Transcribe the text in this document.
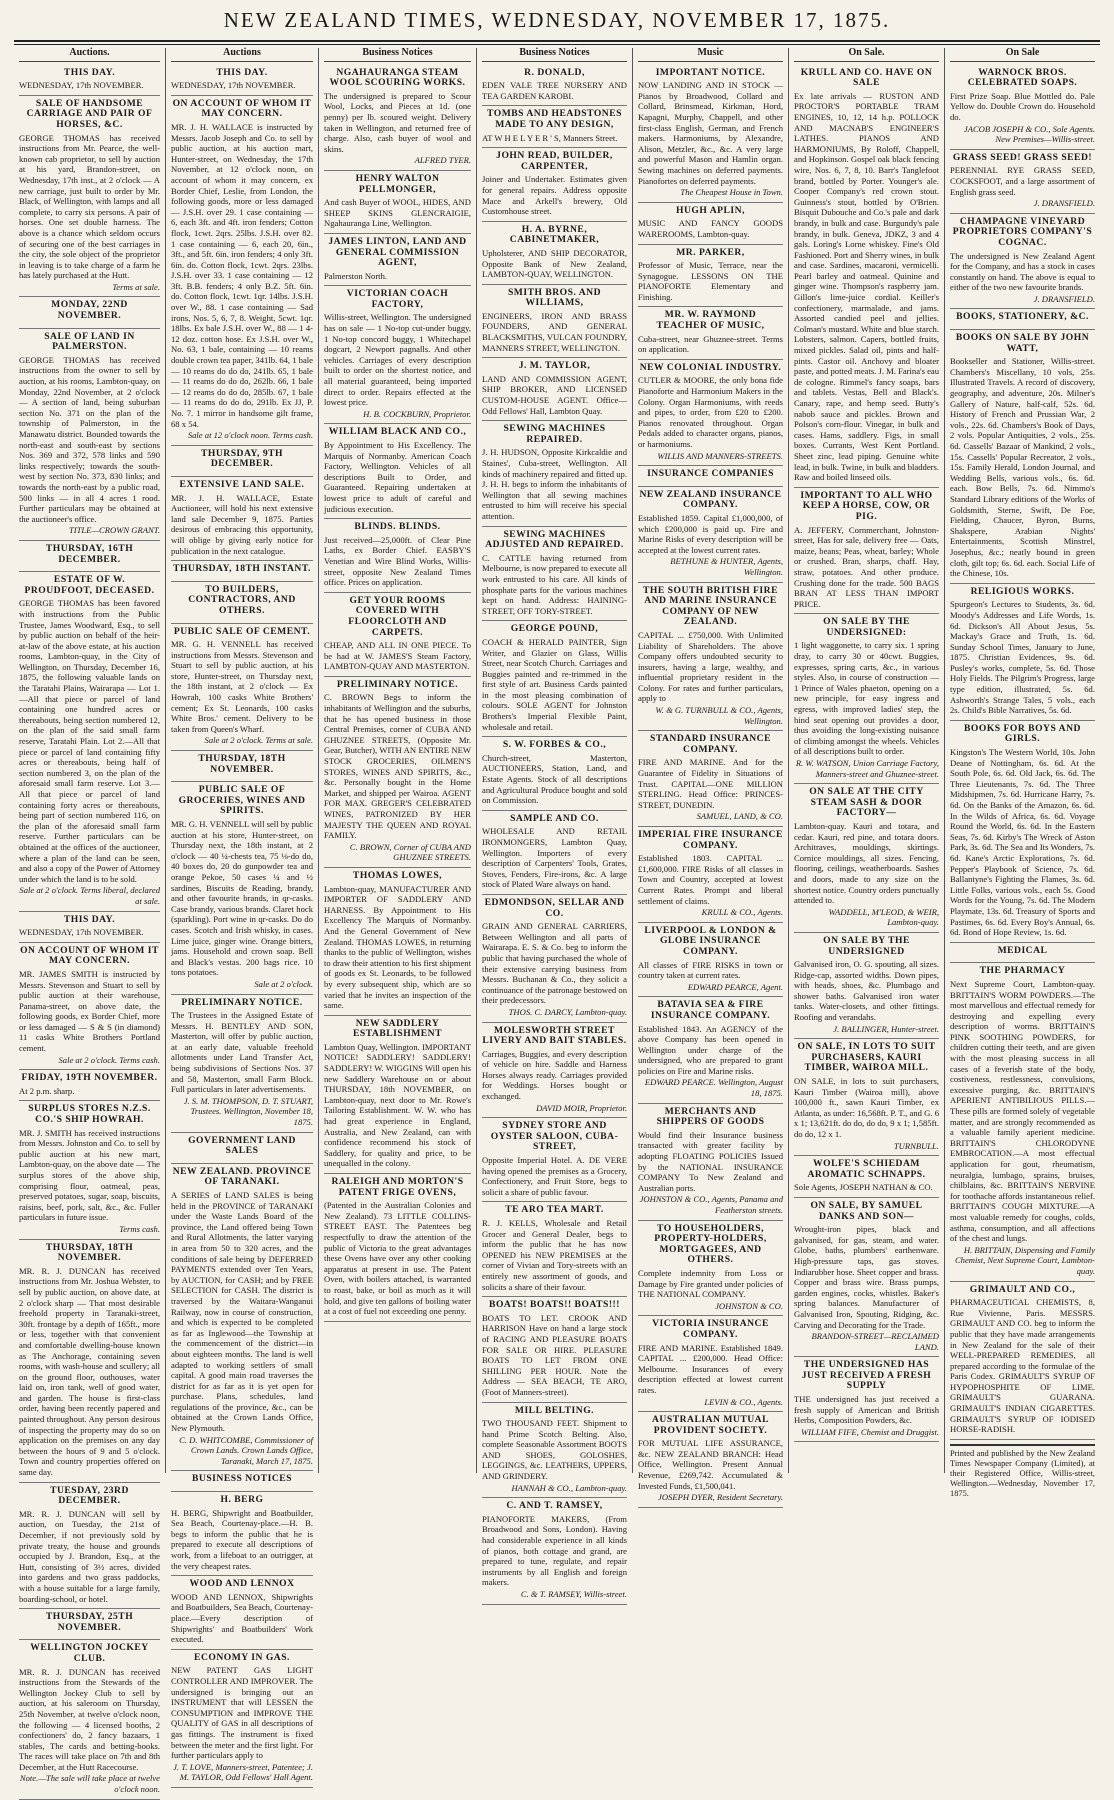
NEW ZEALAND TIMES, WEDNESDAY, NOVEMBER 17, 1875.
Auctions.
THIS DAY.
WEDNESDAY, 17th NOVEMBER.
SALE OF HANDSOME CARRIAGE AND PAIR OF HORSES, &C.
GEORGE THOMAS has received instructions from Mr. Pearce, the well-known cab proprietor, to sell by auction at his yard, Brandon-street, on Wednesday, 17th inst., at 2 o'clock — A new carriage, just built to order by Mr. Black, of Wellington, with lamps and all complete, to carry six persons. A pair of horses. One set double harness. The above is a chance which seldom occurs of securing one of the best carriages in the city, the sole object of the proprietor in leaving is to take charge of a farm he has lately purchased at the Hutt.
Terms at sale.
MONDAY, 22ND NOVEMBER.
SALE OF LAND IN PALMERSTON.
GEORGE THOMAS has received instructions from the owner to sell by auction, at his rooms, Lambton-quay, on Monday, 22nd November, at 2 o'clock — A section of land, being suburban section No. 371 on the plan of the township of Palmerston, in the Manawatu district. Bounded towards the north-east and south-east by sections Nos. 369 and 372, 578 links and 590 links respectively; towards the south-west by section No. 373, 830 links; and towards the north-east by a public road, 500 links — in all 4 acres 1 rood. Further particulars may be obtained at the auctioneer's office.
TITLE—CROWN GRANT.
THURSDAY, 16TH DECEMBER.
ESTATE OF W. PROUDFOOT, DECEASED.
GEORGE THOMAS has been favored with instructions from the Public Trustee, James Woodward, Esq., to sell by public auction on behalf of the heir-at-law of the above estate, at his auction rooms, Lambton-quay, in the City of Wellington, on Thursday, December 16, 1875, the following valuable lands on the Taratahi Plains, Wairarapa — Lot 1.—All that piece or parcel of land containing one hundred acres or thereabouts, being section numbered 12, on the plan of the said small farm reserve, Taratahi Plain. Lot 2.—All that piece or parcel of land containing fifty acres or thereabouts, being half of section numbered 3, on the plan of the aforesaid small farm reserve. Lot 3.—All that piece or parcel of land containing forty acres or thereabouts, being part of section numbered 116, on the plan of the aforesaid small farm reserve. Further particulars can be obtained at the offices of the auctioneer, where a plan of the land can be seen, and also a copy of the Power of Attorney under which the land is to be sold.
Sale at 2 o'clock. Terms liberal, declared at sale.
THIS DAY.
WEDNESDAY, 17th NOVEMBER.
ON ACCOUNT OF WHOM IT MAY CONCERN.
MR. JAMES SMITH is instructed by Messrs. Stevenson and Stuart to sell by public auction at their warehouse, Panama-street, on above date, the following goods, ex Border Chief, more or less damaged — S & S (in diamond) 11 casks White Brothers Portland cement.
Sale at 2 o'clock. Terms cash.
FRIDAY, 19TH NOVEMBER.
At 2 p.m. sharp.
SURPLUS STORES N.Z.S. CO.'S SHIP HOWRAH.
MR. J. SMITH has received instructions from Messrs. Johnston and Co. to sell by public auction at his new mart, Lambton-quay, on the above date — The surplus stores of the above ship, comprising flour, oatmeal, peas, preserved potatoes, sugar, soap, biscuits, raisins, beef, pork, salt, &c., &c. Fuller particulars in future issue.
Terms cash.
THURSDAY, 18TH NOVEMBER.
MR. R. J. DUNCAN has received instructions from Mr. Joshua Webster, to sell by public auction, on above date, at 2 o'clock sharp — That most desirable freehold property in Taranaki-street, 30ft. frontage by a depth of 165ft., more or less, together with that convenient and comfortable dwelling-house known as The Anchorage, containing seven rooms, with wash-house and scullery; all on the ground floor, outhouses, water laid on, iron tank, well of good water, and garden. The house is first-class order, having been recently papered and painted throughout. Any person desirous of inspecting the property may do so on application on the premises on any day between the hours of 9 and 5 o'clock. Town and country properties offered on same day.
TUESDAY, 23RD DECEMBER.
MR. R. J. DUNCAN will sell by auction, on Tuesday, the 21st of December, if not previously sold by private treaty, the house and grounds occupied by J. Brandon, Esq., at the Hutt, consisting of 3½ acres, divided into gardens and two grass paddocks, with a house suitable for a large family, boarding-school, or hotel.
THURSDAY, 25TH NOVEMBER.
WELLINGTON JOCKEY CLUB.
MR. R. J. DUNCAN has received instructions from the Stewards of the Wellington Jockey Club to sell by auction, at his saleroom on Thursday, 25th November, at twelve o'clock noon, the following — 4 licensed booths, 2 confectioners' do, 2 fancy bazaars, 1 stables, The cards and betting-books. The races will take place on 7th and 8th December, at the Hutt Racecourse.
Note.—The sale will take place at twelve o'clock noon.
Auctions
THIS DAY.
WEDNESDAY, 17th NOVEMBER.
ON ACCOUNT OF WHOM IT MAY CONCERN.
MR. J. H. WALLACE is instructed by Messrs. Jacob Joseph and Co. to sell by public auction, at his auction mart, Hunter-street, on Wednesday, the 17th November, at 12 o'clock noon, on account of whom it may concern, ex Border Chief, Leslie, from London, the following goods, more or less damaged — J.S.H. over 29. 1 case containing — 6, each 3ft. and 4ft. iron fenders; Cotton flock, 1cwt. 2qrs. 25lbs. J.S.H. over 82. 1 case containing — 6, each 20, 6in., 3ft., and 5ft. 6in. iron fenders; 4 only 3ft. 6in. do. Cotton flock, 1cwt. 2qrs. 23lbs. J.S.H. over 33. 1 case containing — 12 3ft. B.B. fenders; 4 only B.Z. 5ft. 6in. do. Cotton flock, 1cwt. 1qr. 14lbs. J.S.H. over W., 88. 1 case containing — Sad irons, Nos. 5, 6, 7, 8. Weight, 5cwt. 1qr. 18lbs. Ex bale J.S.H. over W., 88 — 1 4-12 doz. cotton hose. Ex J.S.H. over W., No. 63, 1 bale, containing — 10 reams double crown tea paper, 341lb. 64, 1 bale — 10 reams do do do, 241lb. 65, 1 bale — 11 reams do do do, 262lb. 66, 1 bale — 12 reams do do do, 285lb. 67, 1 bale — 11 reams do do do, 291lb. Ex JJ, P. No. 7. 1 mirror in handsome gilt frame, 68 x 54.
Sale at 12 o'clock noon. Terms cash.
THURSDAY, 9TH DECEMBER.
EXTENSIVE LAND SALE.
MR. J. H. WALLACE, Estate Auctioneer, will hold his next extensive land sale December 9, 1875. Parties desirous of embracing this opportunity, will oblige by giving early notice for publication in the next catalogue.
THURSDAY, 18TH INSTANT.
TO BUILDERS, CONTRACTORS, AND OTHERS.
PUBLIC SALE OF CEMENT.
MR. G. H. VENNELL has received instructions from Messrs. Stevenson and Stuart to sell by public auction, at his store, Hunter-street, on Thursday next, the 18th instant, at 2 o'clock — Ex Howrah, 100 casks White Brothers' cement; Ex St. Leonards, 100 casks White Bros.' cement. Delivery to be taken from Queen's Wharf.
Sale at 2 o'clock. Terms at sale.
THURSDAY, 18TH NOVEMBER.
PUBLIC SALE OF GROCERIES, WINES AND SPIRITS.
MR. G. H. VENNELL will sell by public auction at his store, Hunter-street, on Thursday next, the 18th instant, at 2 o'clock — 40 ¼-chests tea, 75 ⅛-do do, 40 boxes do, 20 do gunpowder tea and orange Pekoe, 50 cases ¼ and ½ sardines, Biscuits de Reading, brandy, and other favourite brands, in qr-casks. Case brandy, various brands. Claret hock (sparkling). Port wine in qr-casks. Do do cases. Scotch and Irish whisky, in cases. Lime juice, ginger wine. Orange bitters, jams. Household and crown soap. Bell and Black's vestas. 200 bags rice. 10 tons potatoes.
Sale at 2 o'clock.
PRELIMINARY NOTICE.
The Trustees in the Assigned Estate of Messrs. H. BENTLEY AND SON, Masterton, will offer by public auction, at an early date, valuable freehold allotments under Land Transfer Act, being subdivisions of Sections Nos. 37 and 58, Masterton, small Farm Block. Full particulars in later advertisements.
J. S. M. THOMPSON, D. T. STUART, Trustees. Wellington, November 18, 1875.
GOVERNMENT LAND SALES
NEW ZEALAND. PROVINCE OF TARANAKI.
A SERIES of LAND SALES is being held in the PROVINCE of TARANAKI under the Waste Lands Board of the province, the Land offered being Town and Rural Allotments, the latter varying in area from 50 to 320 acres, and the conditions of sale being by DEFERRED PAYMENTS extended over Ten Years, by AUCTION, for CASH; and by FREE SELECTION for CASH. The district is traversed by the Waitara-Wanganui Railway, now in course of construction, and which is expected to be completed as far as Inglewood—the Township at the commencement of the district—in about eighteen months. The land is well adapted to working settlers of small capital. A good main road traverses the district for as far as it is yet open for purchase. Plans, schedules, land regulations of the province, &c., can be obtained at the Crown Lands Office, New Plymouth.
C. D. WHITCOMBE, Commissioner of Crown Lands. Crown Lands Office, Taranaki, March 17, 1875.
BUSINESS NOTICES
H. BERG
H. BERG, Shipwright and Boatbuilder, Sea Beach, Courtenay-place.—H. B. begs to inform the public that he is prepared to execute all descriptions of work, from a lifeboat to an outrigger, at the very cheapest rates.
WOOD AND LENNOX
WOOD AND LENNOX, Shipwrights and Boatbuilders, Sea Beach, Courtenay-place.—Every description of Shipwrights' and Boatbuilders' Work executed.
ECONOMY IN GAS.
NEW PATENT GAS LIGHT CONTROLLER AND IMPROVER. The undersigned is bringing out an INSTRUMENT that will LESSEN the CONSUMPTION and IMPROVE THE QUALITY of GAS in all descriptions of gas fittings. The instrument is fixed between the meter and the first light. For further particulars apply to
J. T. LOVE, Manners-street, Patentee; J. M. TAYLOR, Odd Fellows' Hall Agent.
Business Notices
NGAHAURANGA STEAM WOOL SCOURING WORKS.
The undersigned is prepared to Scour Wool, Locks, and Pieces at 1d. (one penny) per lb. scoured weight. Delivery taken in Wellington, and returned free of charge. Also, cash buyer of wool and skins.
ALFRED TYER.
HENRY WALTON PELLMONGER,
And cash Buyer of WOOL, HIDES, AND SHEEP SKINS GLENCRAIGIE, Ngahauranga Line, Wellington.
JAMES LINTON, LAND AND GENERAL COMMISSION AGENT,
Palmerston North.
VICTORIAN COACH FACTORY,
Willis-street, Wellington. The undersigned has on sale — 1 No-top cut-under buggy, 1 No-top concord buggy, 1 Whitechapel dogcart, 2 Newport pagnalls. And other vehicles. Carriages of every description built to order on the shortest notice, and all material guaranteed, being imported direct to order. Repairs effected at the lowest price.
H. B. COCKBURN, Proprietor.
WILLIAM BLACK AND CO.,
By Appointment to His Excellency. The Marquis of Normanby. American Coach Factory, Wellington. Vehicles of all descriptions Built to Order, and Guaranteed. Repairing undertaken at lowest price to adult of careful and judicious execution.
BLINDS. BLINDS.
Just received—25,000ft. of Clear Pine Laths, ex Border Chief. EASBY'S Venetian and Wire Blind Works, Willis-street, opposite New Zealand Times office. Prices on application.
GET YOUR ROOMS COVERED WITH FLOORCLOTH AND CARPETS.
CHEAP, AND ALL IN ONE PIECE. To be had at W. JAMES'S Steam Factory, LAMBTON-QUAY AND MASTERTON.
PRELIMINARY NOTICE.
C. BROWN Begs to inform the inhabitants of Wellington and the suburbs, that he has opened business in those Central Premises, corner of CUBA AND GHUZNEE STREETS, (Opposite Mr. Gear, Butcher), WITH AN ENTIRE NEW STOCK GROCERIES, OILMEN'S STORES, WINES AND SPIRITS, &c., &c. Personally bought in the Home Market, and shipped per Wairoa. AGENT FOR MAX. GREGER'S CELEBRATED WINES, PATRONIZED BY HER MAJESTY THE QUEEN AND ROYAL FAMILY.
C. BROWN, Corner of CUBA AND GHUZNEE STREETS.
THOMAS LOWES,
Lambton-quay, MANUFACTURER AND IMPORTER OF SADDLERY AND HARNESS. By Appointment to His Excellency The Marquis of Normanby. And the General Government of New Zealand. THOMAS LOWES, in returning thanks to the public of Wellington, wishes to draw their attention to his first shipment of goods ex St. Leonards, to be followed by every subsequent ship, which are so varied that he invites an inspection of the same.
NEW SADDLERY ESTABLISHMENT
Lambton Quay, Wellington. IMPORTANT NOTICE! SADDLERY! SADDLERY! SADDLERY! W. WIGGINS Will open his new Saddlery Warehouse on or about THURSDAY, 18th NOVEMBER, on Lambton-quay, next door to Mr. Rowe's Tailoring Establishment. W. W. who has had great experience in England, Australia, and New Zealand, can with confidence recommend his stock of Saddlery, for quality and price, to be unequalled in the colony.
RALEIGH AND MORTON'S PATENT FRIGE OVENS,
(Patented in the Australian Colonies and New Zealand). 73 LITTLE COLLINS-STREET EAST. The Patentees beg respectfully to draw the attention of the public of Victoria to the great advantages these Ovens have over any other cooking apparatus at present in use. The Patent Oven, with boilers attached, is warranted to roast, bake, or boil as much as it will hold, and give ten gallons of boiling water at a cost of fuel not exceeding one penny.
Business Notices
R. DONALD,
EDEN VALE TREE NURSERY AND TEA GARDEN KAROBI.
TOMBS AND HEADSTONES MADE TO ANY DESIGN,
AT W H E L Y E R ' S, Manners Street.
JOHN READ, BUILDER, CARPENTER,
Joiner and Undertaker. Estimates given for general repairs. Address opposite Mace and Arkell's brewery, Old Customhouse street.
H. A. BYRNE, CABINETMAKER,
Upholsterer, AND SHIP DECORATOR, Opposite Bank of New Zealand, LAMBTON-QUAY, WELLINGTON.
SMITH BROS. AND WILLIAMS,
ENGINEERS, IRON AND BRASS FOUNDERS, AND GENERAL BLACKSMITHS, VULCAN FOUNDRY, MANNERS STREET, WELLINGTON.
J. M. TAYLOR,
LAND AND COMMISSION AGENT, SHIP BROKER, AND LICENSED CUSTOM-HOUSE AGENT. Office—Odd Fellows' Hall, Lambton Quay.
SEWING MACHINES REPAIRED.
J. H. HUDSON, Opposite Kirkcaldie and Staines', Cuba-street, Wellington. All kinds of machinery repaired and fitted up. J. H. H. begs to inform the inhabitants of Wellington that all sewing machines entrusted to him will receive his special attention.
SEWING MACHINES ADJUSTED AND REPAIRED.
C. CATTLE having returned from Melbourne, is now prepared to execute all work entrusted to his care. All kinds of phosphate parts for the various machines kept on hand. Address: HAINING-STREET, OFF TORY-STREET.
GEORGE POUND,
COACH & HERALD PAINTER, Sign Writer, and Glazier on Glass, Willis Street, near Scotch Church. Carriages and Buggies painted and re-trimmed in the first style of art. Business Cards painted in the most pleasing combination of colours. SOLE AGENT for Johnston Brothers's Imperial Flexible Paint, wholesale and retail.
S. W. FORBES & CO.,
Church-street, Masterton, AUCTIONEERS, Station, Land, and Estate Agents. Stock of all descriptions and Agricultural Produce bought and sold on Commission.
SAMPLE AND CO.
WHOLESALE AND RETAIL IRONMONGERS, Lambton Quay, Wellington. Importers of every description of Carpenters' Tools, Grates, Stoves, Fenders, Fire-irons, &c. A large stock of Plated Ware always on hand.
EDMONDSON, SELLAR AND CO.
GRAIN AND GENERAL CARRIERS, Between Wellington and all parts of Wairarapa. E. S. & Co. beg to inform the public that having purchased the whole of their extensive carrying business from Messrs. Buchanan & Co., they solicit a continuance of the patronage bestowed on their predecessors.
THOS. C. DARCY, Lambton-quay.
MOLESWORTH STREET LIVERY AND BAIT STABLES.
Carriages, Buggies, and every description of vehicle on hire. Saddle and Harness Horses always ready. Carriages provided for Weddings. Horses bought or exchanged.
DAVID MOIR, Proprietor.
SYDNEY STORE AND OYSTER SALOON, CUBA-STREET,
Opposite Imperial Hotel. A. DE VERE having opened the premises as a Grocery, Confectionery, and Fruit Store, begs to solicit a share of public favour.
TE ARO TEA MART.
R. J. KELLS, Wholesale and Retail Grocer and General Dealer, begs to inform the public that he has now OPENED his NEW PREMISES at the corner of Vivian and Tory-streets with an entirely new assortment of goods, and solicits a share of their favour.
BOATS! BOATS!! BOATS!!!
BOATS TO LET. CROOK AND HARRISON Have on hand a large stock of RACING AND PLEASURE BOATS FOR SALE OR HIRE. PLEASURE BOATS TO LET FROM ONE SHILLING PER HOUR. Note the Address — SEA BEACH, TE ARO, (Foot of Manners-street).
MILL BELTING.
TWO THOUSAND FEET. Shipment to hand Prime Scotch Belting. Also, complete Seasonable Assortment BOOTS AND SHOES, GOLOSHES, LEGGINGS, &c. LEATHERS, UPPERS, AND GRINDERY.
HANNAH & CO., Lambton-quay.
C. AND T. RAMSEY,
PIANOFORTE MAKERS, (From Broadwood and Sons, London). Having had considerable experience in all kinds of pianos, both cottage and grand, are prepared to tune, regulate, and repair instruments by all English and foreign makers.
C. & T. RAMSEY, Willis-street.
Music
IMPORTANT NOTICE.
NOW LANDING AND IN STOCK — Pianos by Broadwood, Collard and Collard, Brinsmead, Kirkman, Hord, Kapagni, Murphy, Chappell, and other first-class English, German, and French makers. Harmoniums, by Alexandre, Alison, Metzler, &c., &c. A very large and powerful Mason and Hamlin organ. Sewing machines on deferred payments. Pianofortes on deferred payments.
The Cheapest House in Town.
HUGH APLIN,
MUSIC AND FANCY GOODS WAREROOMS, Lambton-quay.
MR. PARKER,
Professor of Music, Terrace, near the Synagogue. LESSONS ON THE PIANOFORTE Elementary and Finishing.
MR. W. RAYMOND TEACHER OF MUSIC,
Cuba-street, near Ghuznee-street. Terms on application.
NEW COLONIAL INDUSTRY.
CUTLER & MOORE, the only bona fide Pianoforte and Harmonium Makers in the Colony. Organ Harmoniums, with reeds and pipes, to order, from £20 to £200. Pianos renovated throughout. Organ Pedals added to character organs, pianos, or harmoniums.
WILLIS AND MANNERS-STREETS.
INSURANCE COMPANIES
NEW ZEALAND INSURANCE COMPANY.
Established 1859. Capital £1,000,000, of which £200,000 is paid up. Fire and Marine Risks of every description will be accepted at the lowest current rates.
BETHUNE & HUNTER, Agents, Wellington.
THE SOUTH BRITISH FIRE AND MARINE INSURANCE COMPANY OF NEW ZEALAND.
CAPITAL ... £750,000. With Unlimited Liability of Shareholders. The above Company offers undoubted security to insurers, having a large, wealthy, and influential proprietary resident in the Colony. For rates and further particulars, apply to
W. & G. TURNBULL & CO., Agents, Wellington.
STANDARD INSURANCE COMPANY.
FIRE AND MARINE. And for the Guarantee of Fidelity in Situations of Trust. CAPITAL—ONE MILLION STERLING. Head Office: PRINCES-STREET, DUNEDIN.
SAMUEL, LAND, & CO.
IMPERIAL FIRE INSURANCE COMPANY.
Established 1803. CAPITAL ... £1,600,000. FIRE Risks of all classes in Town and Country, accepted at lowest Current Rates. Prompt and liberal settlement of claims.
KRULL & CO., Agents.
LIVERPOOL & LONDON & GLOBE INSURANCE COMPANY.
All classes of FIRE RISKS in town or country taken at current rates.
EDWARD PEARCE, Agent.
BATAVIA SEA & FIRE INSURANCE COMPANY.
Established 1843. An AGENCY of the above Company has been opened in Wellington under charge of the undersigned, who are prepared to grant policies on Fire and Marine risks.
EDWARD PEARCE. Wellington, August 18, 1875.
MERCHANTS AND SHIPPERS OF GOODS
Would find their Insurance business transacted with greater facility by adopting FLOATING POLICIES Issued by the NATIONAL INSURANCE COMPANY To New Zealand and Australian ports.
JOHNSTON & CO., Agents, Panama and Featherston streets.
TO HOUSEHOLDERS, PROPERTY-HOLDERS, MORTGAGEES, AND OTHERS.
Complete indemnity from Loss or Damage by Fire granted under policies of THE NATIONAL COMPANY.
JOHNSTON & CO.
VICTORIA INSURANCE COMPANY.
FIRE AND MARINE. Established 1849. CAPITAL ... £200,000. Head Office: Melbourne. Insurances of every description effected at lowest current rates.
LEVIN & CO., Agents.
AUSTRALIAN MUTUAL PROVIDENT SOCIETY.
FOR MUTUAL LIFE ASSURANCE, &c. NEW ZEALAND BRANCH: Head Office, Wellington. Present Annual Revenue, £269,742. Accumulated & Invested Funds, £1,500,041.
JOSEPH DYER, Resident Secretary.
On Sale.
KRULL AND CO. HAVE ON SALE
Ex late arrivals — RUSTON AND PROCTOR'S PORTABLE TRAM ENGINES, 10, 12, 14 h.p. POLLOCK AND MACNAB'S ENGINEER'S LATHES. PIANOS AND HARMONIUMS, By Roloff, Chappell, and Hopkinson. Gospel oak black fencing wire, Nos. 6, 7, 8, 10. Barr's Tanglefoot brand, bottled by Porter. Younger's ale. Cooper Company's red crown stout. Guinness's stout, bottled by O'Brien. Bisquit Dubouche and Co.'s pale and dark brandy, in bulk and case. Burgundy's pale brandy, in bulk. Geneva, JDKZ, 3 and 4 gals. Loring's Lorne whiskey. Fine's Old Fashioned. Port and Sherry wines, in bulk and case. Sardines, macaroni, vermicelli. Pearl barley and oatmeal. Quinine and ginger wine. Thompson's raspberry jam. Gillon's lime-juice cordial. Keiller's confectionery, marmalade, and jams. Assorted candied peel and jellies. Colman's mustard. White and blue starch. Lobsters, salmon. Capers, bottled fruits, mixed pickles. Salad oil, pints and half-pints. Castor oil. Anchovy and bloater paste, and potted meats. J. M. Farina's eau de cologne. Rimmel's fancy soaps, bars and tablets. Vestas, Bell and Black's. Canary, rape, and hemp seed. Butty's nabob sauce and pickles. Brown and Polson's corn-flour. Vinegar, in bulk and cases. Hams, saddlery. Figs, in small boxes. Currants, West Kent Portland. Sheet zinc, lead piping. Genuine white lead, in bulk. Twine, in bulk and bladders. Raw and boiled linseed oils.
IMPORTANT TO ALL WHO KEEP A HORSE, COW, OR PIG.
A. JEFFERY, Cornmerchant, Johnston-street, Has for sale, delivery free — Oats, maize, beans; Peas, wheat, barley; Whole or crushed. Bran, sharps, chaff. Hay, straw, potatoes. And other produce. Crushing done for the trade. 500 BAGS BRAN AT LESS THAN IMPORT PRICE.
ON SALE BY THE UNDERSIGNED:
1 light waggonette, to carry six. 1 spring dray, to carry 30 or 40cwt. Buggies, expresses, spring carts, &c., in various styles. Also, in course of construction — 1 Prince of Wales phaeton, opening on a new principle, for easy ingress and egress, with improved ladies' step, the hind seat opening out provides a door, thus avoiding the long-existing nuisance of climbing amongst the wheels. Vehicles of all descriptions built to order.
R. W. WATSON, Union Carriage Factory, Manners-street and Ghuznee-street.
ON SALE AT THE CITY STEAM SASH & DOOR FACTORY—
Lambton-quay. Kauri and totara, and cedar. Kauri, red pine, and totara doors. Architraves, mouldings, skirtings. Cornice mouldings, all sizes. Fencing, flooring, ceilings, weatherboards. Sashes and doors, made to any size on the shortest notice. Country orders punctually attended to.
WADDELL, M'LEOD, & WEIR, Lambton-quay.
ON SALE BY THE UNDERSIGNED
Galvanised iron, O. G. spouting, all sizes. Ridge-cap, assorted widths. Down pipes, with heads, shoes, &c. Plumbago and shower baths. Galvanised iron water tanks. Water-closets, and other fittings. Roofing and verandahs.
J. BALLINGER, Hunter-street.
ON SALE, IN LOTS TO SUIT PURCHASERS, KAURI TIMBER, WAIROA MILL.
ON SALE, in lots to suit purchasers, Kauri Timber (Wairoa mill), above 100,000 ft., sawn Kauri Timber, ex Atlanta, as under: 16,568ft. P. T., and G. 6 x 1; 13,621ft. do do, do do, 9 x 1; 1,585ft. do do, 12 x 1.
TURNBULL.
WOLFE'S SCHIEDAM AROMATIC SCHNAPPS.
Sole Agents, JOSEPH NATHAN & CO.
ON SALE, BY SAMUEL DANKS AND SON—
Wrought-iron pipes, black and galvanised, for gas, steam, and water. Globe, baths, plumbers' earthenware. High-pressure taps, gas stoves. Indiarubber hose. Sheet copper and brass. Copper and brass wire. Brass pumps, garden engines, cocks, whistles. Baker's spring balances. Manufacturer of Galvanised Iron, Spouting, Ridging, &c. Carving and Decorating for the Trade.
BRANDON-STREET—RECLAIMED LAND.
THE UNDERSIGNED HAS JUST RECEIVED A FRESH SUPPLY
THE undersigned has just received a fresh supply of American and British Herbs, Composition Powders, &c.
WILLIAM FIFE, Chemist and Druggist.
On Sale
WARNOCK BROS. CELEBRATED SOAPS.
First Prize Soap. Blue Mottled do. Pale Yellow do. Double Crown do. Household do.
JACOB JOSEPH & CO., Sole Agents. New Premises—Willis-street.
GRASS SEED! GRASS SEED!
PERENNIAL RYE GRASS SEED, COCKSFOOT, and a large assortment of English grass seed.
J. DRANSFIELD.
CHAMPAGNE VINEYARD PROPRIETORS COMPANY'S COGNAC.
The undersigned is New Zealand Agent for the Company, and has a stock in cases constantly on hand. The above is equal to either of the two new favourite brands.
J. DRANSFIELD.
BOOKS, STATIONERY, &C.
BOOKS ON SALE BY JOHN WATT,
Bookseller and Stationer, Willis-street. Chambers's Miscellany, 10 vols, 25s. Illustrated Travels. A record of discovery, geography, and adventure, 20s. Milner's Gallery of Nature, half-calf, 52s. 6d. History of French and Prussian War, 2 vols., 22s. 6d. Chambers's Book of Days, 2 vols. Popular Antiquities, 2 vols., 25s. 6d. Cassells' Bazaar of Mankind, 2 vols., 15s. Cassells' Popular Recreator, 2 vols., 15s. Family Herald, London Journal, and Wedding Bells, various vols., 6s. 6d. each. Bow Bells, 7s. 6d. Nimmo's Standard Library editions of the Works of Goldsmith, Sterne, Swift, De Foe, Fielding, Chaucer, Byron, Burns, Shakspere, Arabian Nights' Entertainments, Scottish Minstrel, Josephus, &c.; neatly bound in green cloth, gilt top; 6s. 6d. each. Social Life of the Chinese, 10s.
RELIGIOUS WORKS.
Spurgeon's Lectures to Students, 3s. 6d. Moody's Addresses and Life Words, 1s. 6d. Dickson's All About Jesus, 5s. Mackay's Grace and Truth, 1s. 6d. Sunday School Times, January to June, 1875. Christian Evidences, 9s. 6d. Pusley's works, complete, 5s. 6d. Those Holy Fields. The Pilgrim's Progress, large type edition, illustrated, 5s. 6d. Ashworth's Strange Tales, 5 vols., each 2s. Child's Bible Narratives, 5s. 6d.
BOOKS FOR BOYS AND GIRLS.
Kingston's The Western World, 10s. John Deane of Nottingham, 6s. 6d. At the South Pole, 6s. 6d. Old Jack, 6s. 6d. The Three Lieutenants, 7s. 6d. The Three Midshipmen, 7s. 6d. Hurricane Harry, 7s. 6d. On the Banks of the Amazon, 6s. 6d. In the Wilds of Africa, 6s. 6d. Voyage Round the World, 6s. 6d. In the Eastern Seas, 7s. 6d. Kirby's The Wreck of Aston Park, 3s. 6d. The Sea and Its Wonders, 7s. 6d. Kane's Arctic Explorations, 7s. 6d. Pepper's Playbook of Science, 7s. 6d. Ballantyne's Fighting the Flames, 3s. 6d. Little Folks, various vols., each 5s. Good Words for the Young, 7s. 6d. The Modern Playmate, 13s. 6d. Treasury of Sports and Pastimes, 6s. 6d. Every Boy's Annual, 6s. 6d. Bond of Hope Review, 1s. 6d.
MEDICAL
THE PHARMACY
Next Supreme Court, Lambton-quay. BRITTAIN'S WORM POWDERS.—The most marvellous and effectual remedy for destroying and expelling every description of worms. BRITTAIN'S PINK SOOTHING POWDERS, for children cutting their teeth, and are given with the most pleasing success in all cases of a feverish state of the body, costiveness, restlessness, convulsions, excessive purging, &c. BRITTAIN'S APERIENT ANTIBILIOUS PILLS.—These pills are formed solely of vegetable matter, and are strongly recommended as a valuable family aperient medicine. BRITTAIN'S CHLORODYNE EMBROCATION.—A most effectual application for gout, rheumatism, neuralgia, lumbago, sprains, bruises, chilblains, &c. BRITTAIN'S NERVINE for toothache affords instantaneous relief. BRITTAIN'S COUGH MIXTURE.—A most valuable remedy for coughs, colds, asthma, consumption, and all affections of the chest and lungs.
H. BRITTAIN, Dispensing and Family Chemist, Next Supreme Court, Lambton-quay.
GRIMAULT AND CO.,
PHARMACEUTICAL CHEMISTS, 8, Rue Vivienne, Paris. MESSRS. GRIMAULT AND CO. beg to inform the public that they have made arrangements in New Zealand for the sale of their WELL-PREPARED REMEDIES, all prepared according to the formulae of the Paris Codex. GRIMAULT'S SYRUP OF HYPOPHOSPHITE OF LIME. GRIMAULT'S GUARANA. GRIMAULT'S INDIAN CIGARETTES. GRIMAULT'S SYRUP OF IODISED HORSE-RADISH.
Printed and published by the New Zealand Times Newspaper Company (Limited), at their Registered Office, Willis-street, Wellington.—Wednesday, November 17, 1875.
